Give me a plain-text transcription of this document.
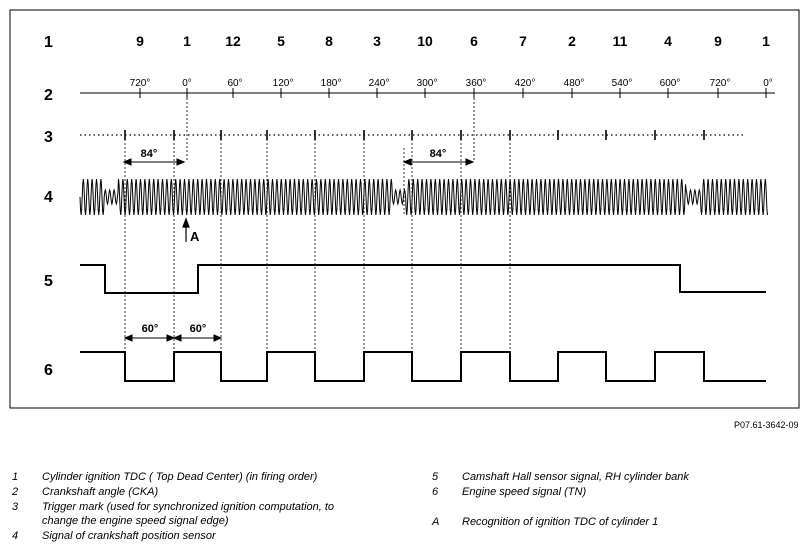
1
2
3
4
5
6
9	1 12	5	8	3	10	6	7	2	11	4	9	1
720°	0°	60°	120°	180°	240°	300°	360°	420°	480°	540°	600°	720°	0°
84°	84°
A
60°	60°
P07.61-3642-09
1 Cylinder ignition TDC ( Top Dead Center) (in firing order)
2 Crankshaft angle (CKA)
3 Trigger mark (used for synchronized ignition computation, to
change the engine speed signal edge)
4 Signal of crankshaft position sensor
5 Camshaft Hall sensor signal, RH cylinder bank
6 Engine speed signal (TN)
A Recognition of ignition TDC of cylinder 1
